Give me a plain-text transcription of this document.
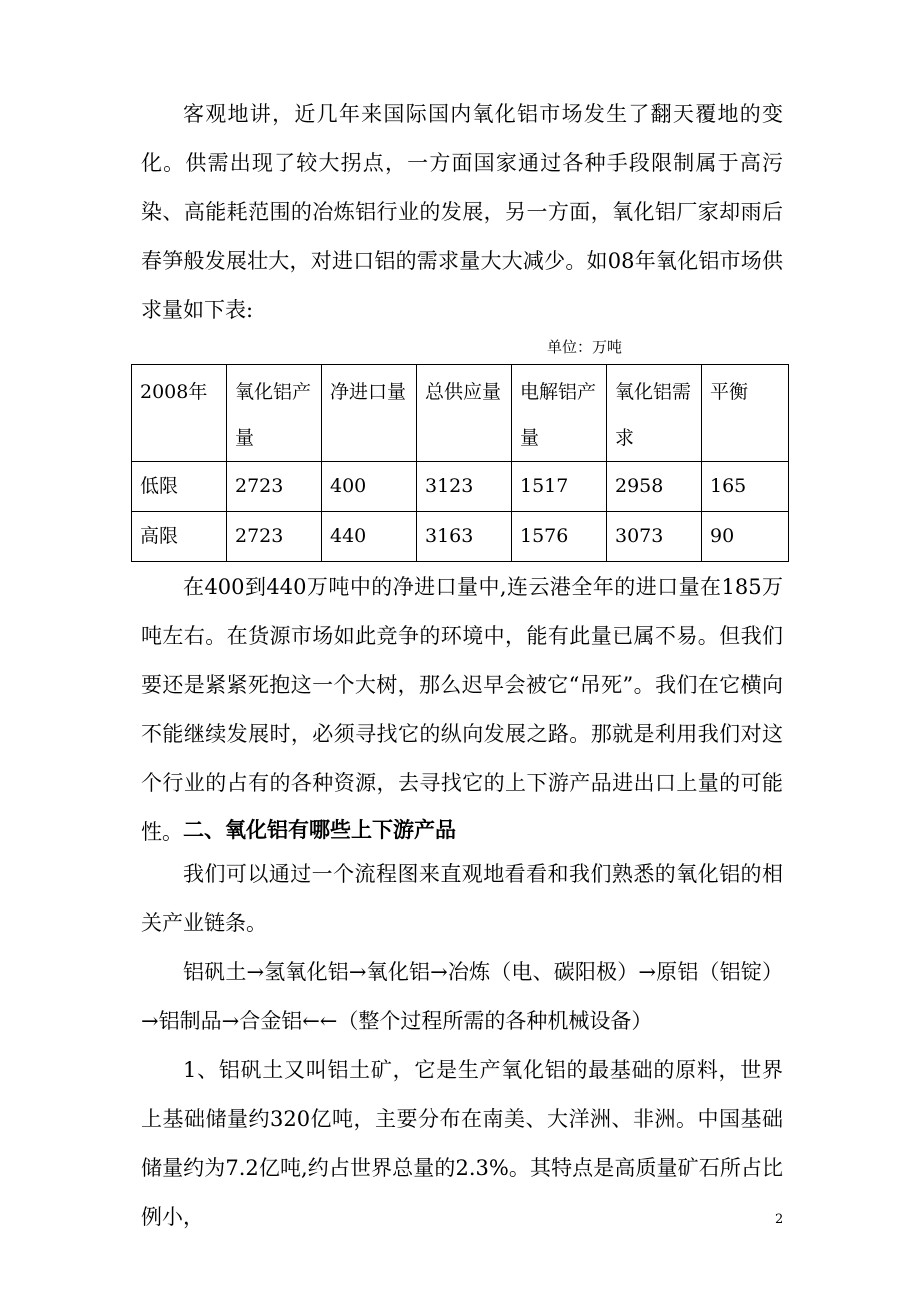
客观地讲，近几年来国际国内氧化铝市场发生了翻天覆地的变化。供需出现了较大拐点，一方面国家通过各种手段限制属于高污染、高能耗范围的冶炼铝行业的发展，另一方面，氧化铝厂家却雨后春笋般发展壮大，对进口铝的需求量大大减少。如08年氧化铝市场供求量如下表:

单位：万吨
2008年	氧化铝产量	净进口量	总供应量	电解铝产量	氧化铝需求	平衡
低限	2723	400	3123	1517	2958	165
高限	2723	440	3163	1576	3073	90

在400到440万吨中的净进口量中,连云港全年的进口量在185万吨左右。在货源市场如此竞争的环境中，能有此量已属不易。但我们要还是紧紧死抱这一个大树，那么迟早会被它“吊死”。我们在它横向不能继续发展时，必须寻找它的纵向发展之路。那就是利用我们对这个行业的占有的各种资源，去寻找它的上下游产品进出口上量的可能性。 二、氧化铝有哪些上下游产品

我们可以通过一个流程图来直观地看看和我们熟悉的氧化铝的相关产业链条。

铝矾土→氢氧化铝→氧化铝→冶炼（电、碳阳极）→原铝（铝锭）→铝制品→合金铝←←（整个过程所需的各种机械设备）

1、铝矾土又叫铝土矿，它是生产氧化铝的最基础的原料，世界上基础储量约320亿吨，主要分布在南美、大洋洲、非洲。中国基础储量约为7.2亿吨,约占世界总量的2.3%。其特点是高质量矿石所占比例小，	2
